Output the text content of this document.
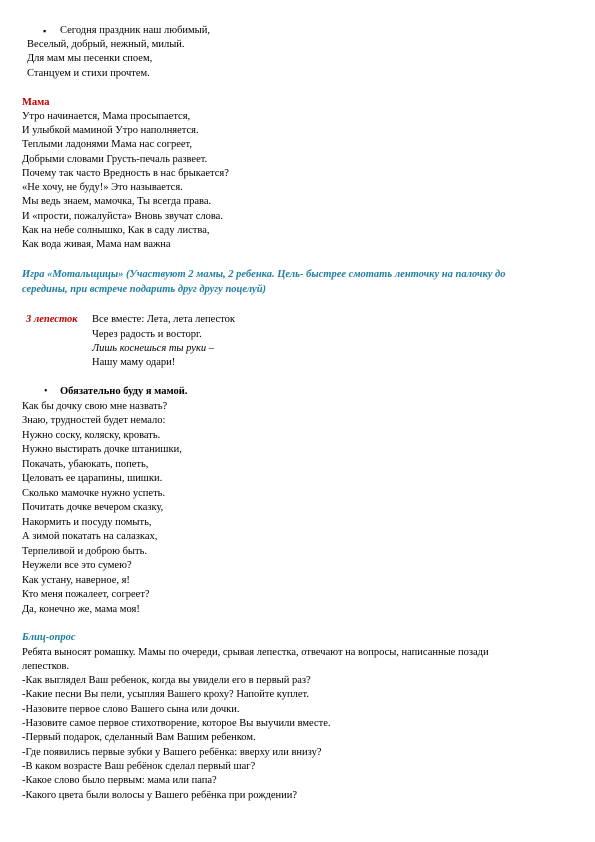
▪ Сегодня праздник наш любимый,
Веселый, добрый, нежный, милый.
Для мам мы песенки споем,
Станцуем и стихи прочтем.
Мама
Утро начинается, Мама просыпается,
И улыбкой маминой Утро наполняется.
Теплыми ладонями Мама нас согреет,
Добрыми словами Грусть-печаль развеет.
Почему так часто Вредность в нас брыкается?
«Не хочу, не буду!» Это называется.
Мы ведь знаем, мамочка, Ты всегда права.
И «прости, пожалуйста» Вновь звучат слова.
Как на небе солнышко, Как в саду листва,
Как вода живая, Мама нам важна
Игра «Мотальщицы» (Участвуют 2 мамы, 2 ребенка. Цель- быстрее смотать ленточку на палочку до
середины, при встрече подарить друг другу поцелуй)
3 лепесток Все вместе: Лета, лета лепесток
Через радость и восторг.
Лишь коснешься ты руки –
Нашу маму одари!
• Обязательно буду я мамой.
Как бы дочку свою мне назвать?
Знаю, трудностей будет немало:
Нужно соску, коляску, кровать.
Нужно выстирать дочке штанишки,
Покачать, убаюкать, попеть,
Целовать ее царапины, шишки.
Сколько мамочке нужно успеть.
Почитать дочке вечером сказку,
Накормить и посуду помыть,
А зимой покатать на салазках,
Терпеливой и доброю быть.
Неужели все это сумею?
Как устану, наверное, я!
Кто меня пожалеет, согреет?
Да, конечно же, мама моя!
Блиц-опрос
Ребята выносят ромашку. Мамы по очереди, срывая лепестка, отвечают на вопросы, написанные позади
лепестков.
-Как выглядел Ваш ребенок, когда вы увидели его в первый раз?
-Какие песни Вы пели, усыпляя Вашего кроху? Напойте куплет.
-Назовите первое слово Вашего сына или дочки.
-Назовите самое первое стихотворение, которое Вы выучили вместе.
-Первый подарок, сделанный Вам Вашим ребенком.
-Где появились первые зубки у Вашего ребёнка: вверху или внизу?
-В каком возрасте Ваш ребёнок сделал первый шаг?
-Какое слово было первым: мама или папа?
-Какого цвета были волосы у Вашего ребёнка при рождении?
